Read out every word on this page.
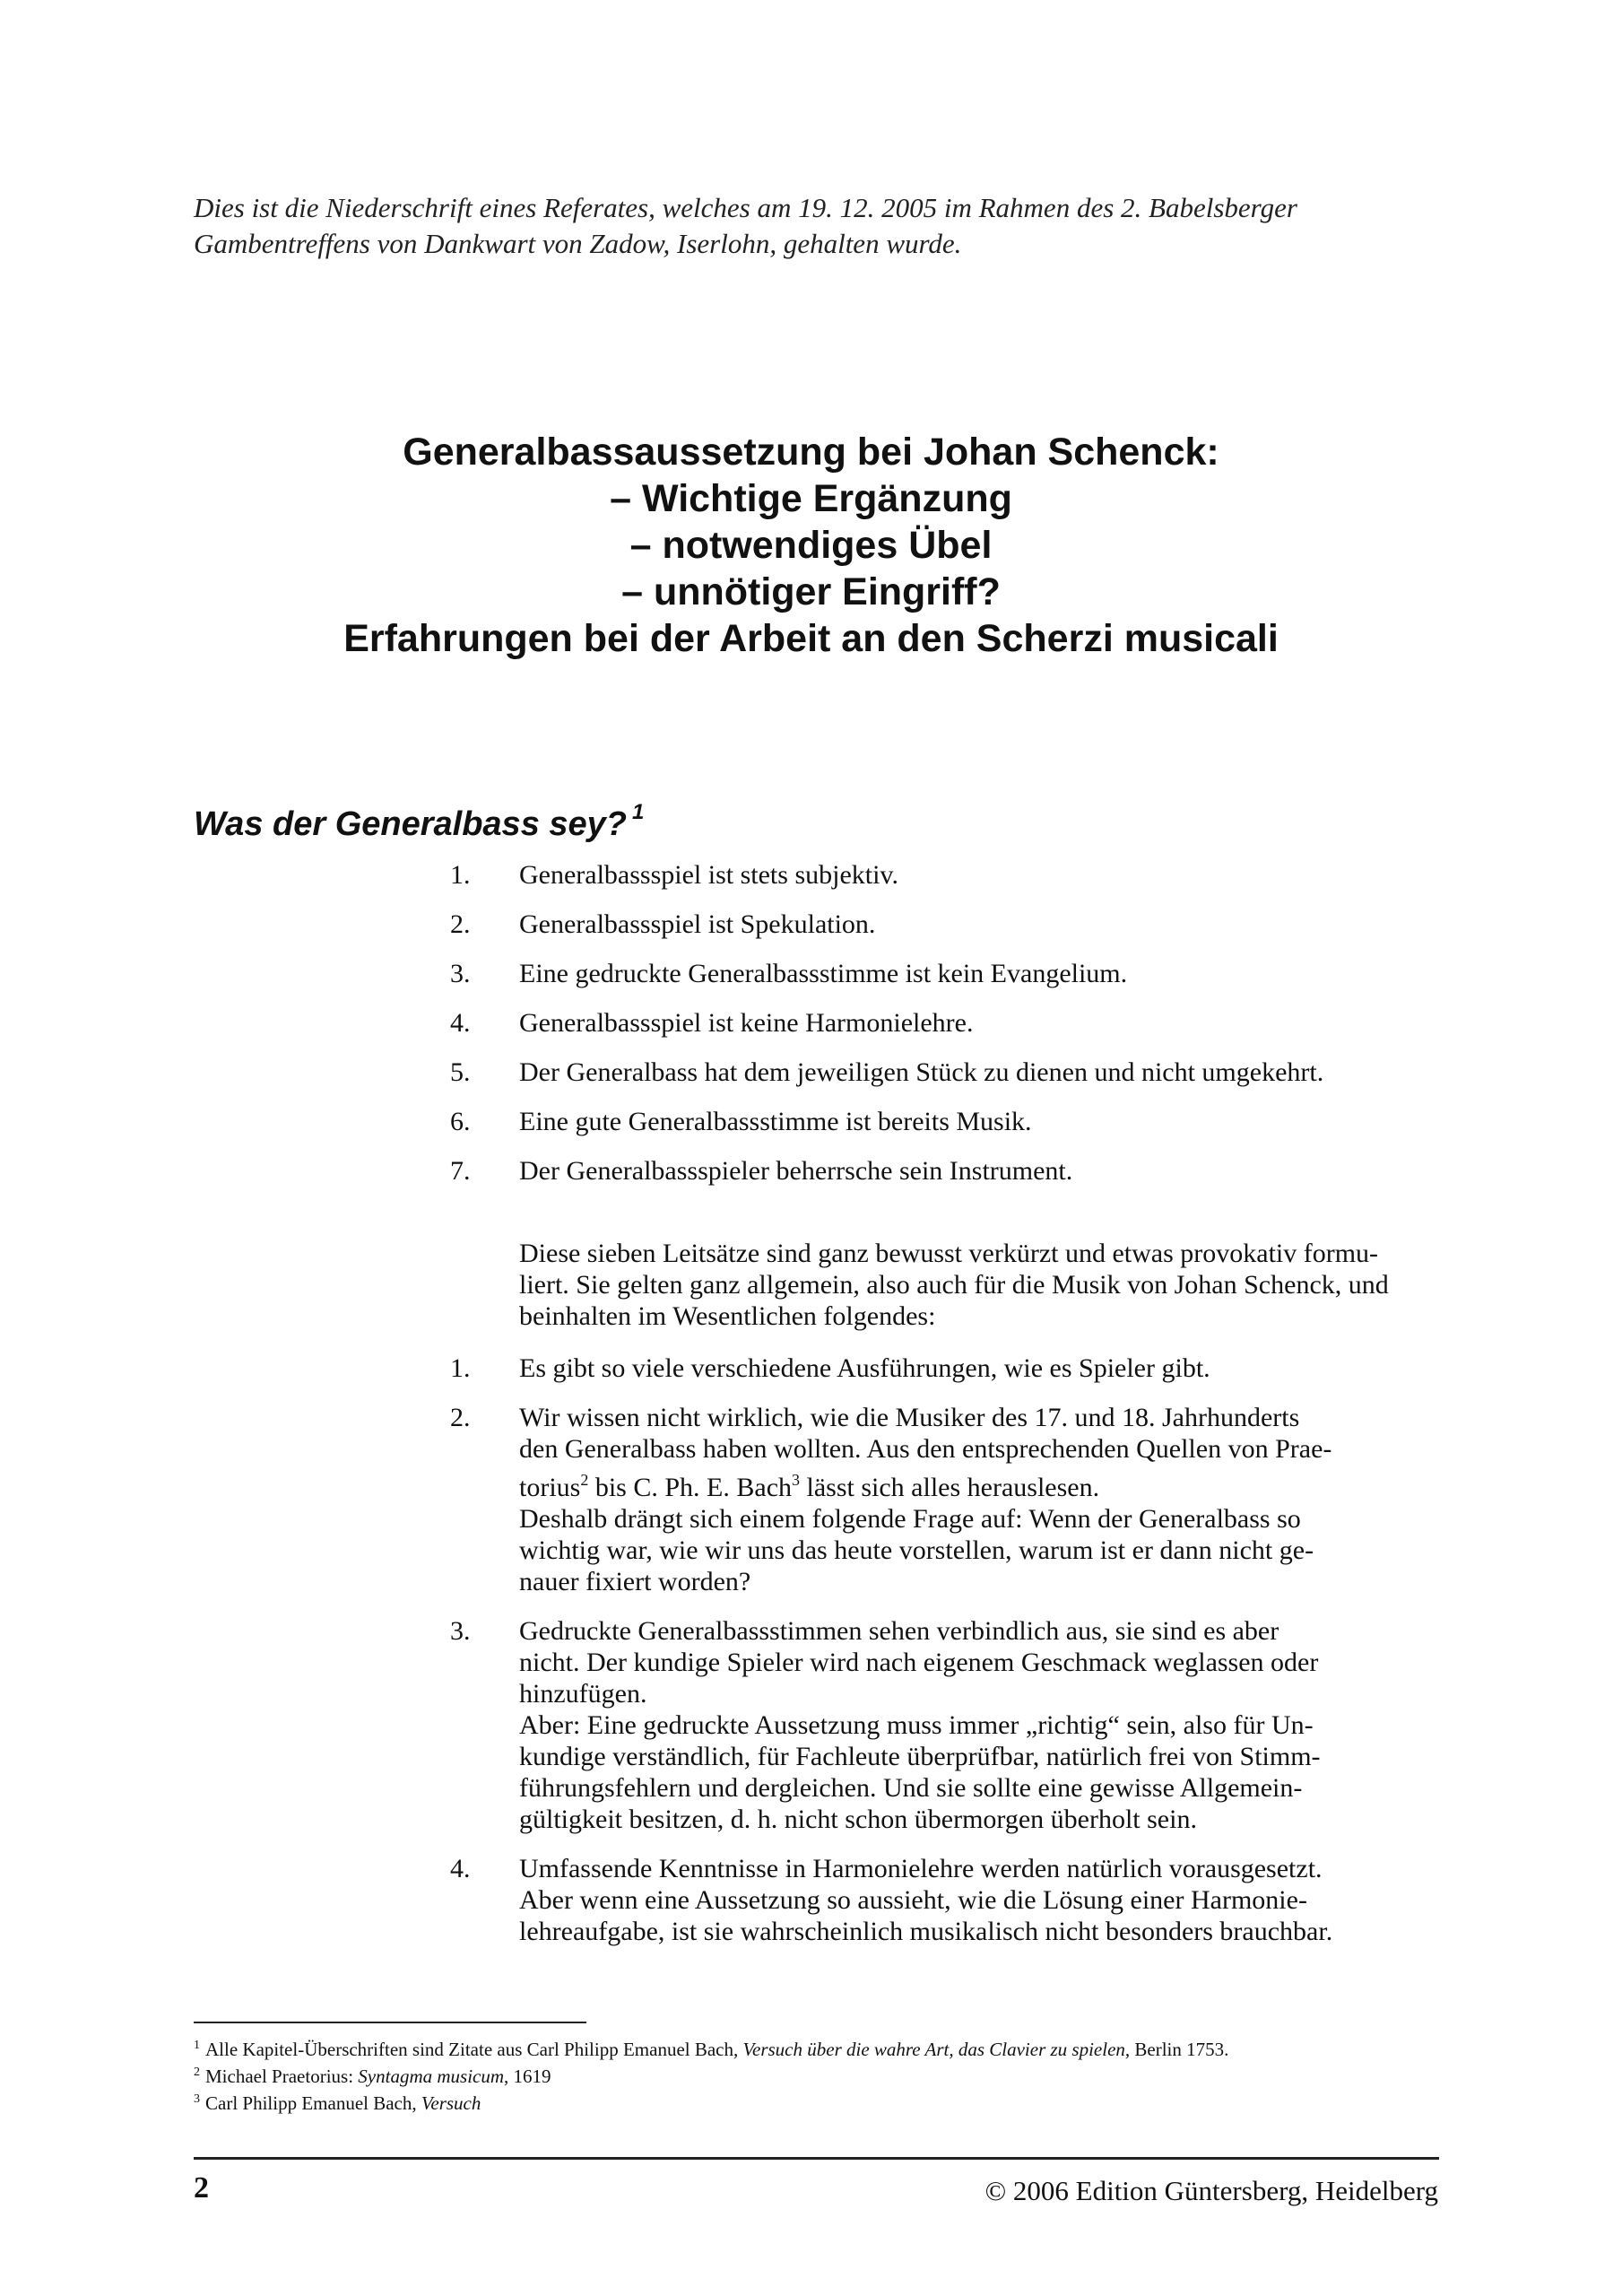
Dies ist die Niederschrift eines Referates, welches am 19. 12. 2005 im Rahmen des 2. Babelsberger
Gambentreffens von Dankwart von Zadow, Iserlohn, gehalten wurde.
Generalbassaussetzung bei Johan Schenck:
– Wichtige Ergänzung
– notwendiges Übel
– unnötiger Eingriff?
Erfahrungen bei der Arbeit an den Scherzi musicali
Was der Generalbass sey? $^1$
1.	Generalbassspiel ist stets subjektiv.
2.	Generalbassspiel ist Spekulation.
3.	Eine gedruckte Generalbassstimme ist kein Evangelium.
4.	Generalbassspiel ist keine Harmonielehre.
5.	Der Generalbass hat dem jeweiligen Stück zu dienen und nicht umgekehrt.
6.	Eine gute Generalbassstimme ist bereits Musik.
7.	Der Generalbassspieler beherrsche sein Instrument.
Diese sieben Leitsätze sind ganz bewusst verkürzt und etwas provokativ formu-
liert. Sie gelten ganz allgemein, also auch für die Musik von Johan Schenck, und
beinhalten im Wesentlichen folgendes:
1.	Es gibt so viele verschiedene Ausführungen, wie es Spieler gibt.
2.	Wir wissen nicht wirklich, wie die Musiker des 17. und 18. Jahrhunderts
den Generalbass haben wollten. Aus den entsprechenden Quellen von Prae-
torius$^2$ bis C. Ph. E. Bach$^3$ lässt sich alles herauslesen.
Deshalb drängt sich einem folgende Frage auf: Wenn der Generalbass so
wichtig war, wie wir uns das heute vorstellen, warum ist er dann nicht ge-
nauer fixiert worden?
3.	Gedruckte Generalbassstimmen sehen verbindlich aus, sie sind es aber
nicht. Der kundige Spieler wird nach eigenem Geschmack weglassen oder
hinzufügen.
Aber: Eine gedruckte Aussetzung muss immer „richtig“ sein, also für Un-
kundige verständlich, für Fachleute überprüfbar, natürlich frei von Stimm-
führungsfehlern und dergleichen. Und sie sollte eine gewisse Allgemein-
gültigkeit besitzen, d. h. nicht schon übermorgen überholt sein.
4.	Umfassende Kenntnisse in Harmonielehre werden natürlich vorausgesetzt.
Aber wenn eine Aussetzung so aussieht, wie die Lösung einer Harmonie-
lehreaufgabe, ist sie wahrscheinlich musikalisch nicht besonders brauchbar.
$^1$ Alle Kapitel-Überschriften sind Zitate aus Carl Philipp Emanuel Bach, Versuch über die wahre Art, das Clavier zu spielen, Berlin 1753.
$^2$ Michael Praetorius: Syntagma musicum, 1619
$^3$ Carl Philipp Emanuel Bach, Versuch
2	© 2006 Edition Güntersberg, Heidelberg
